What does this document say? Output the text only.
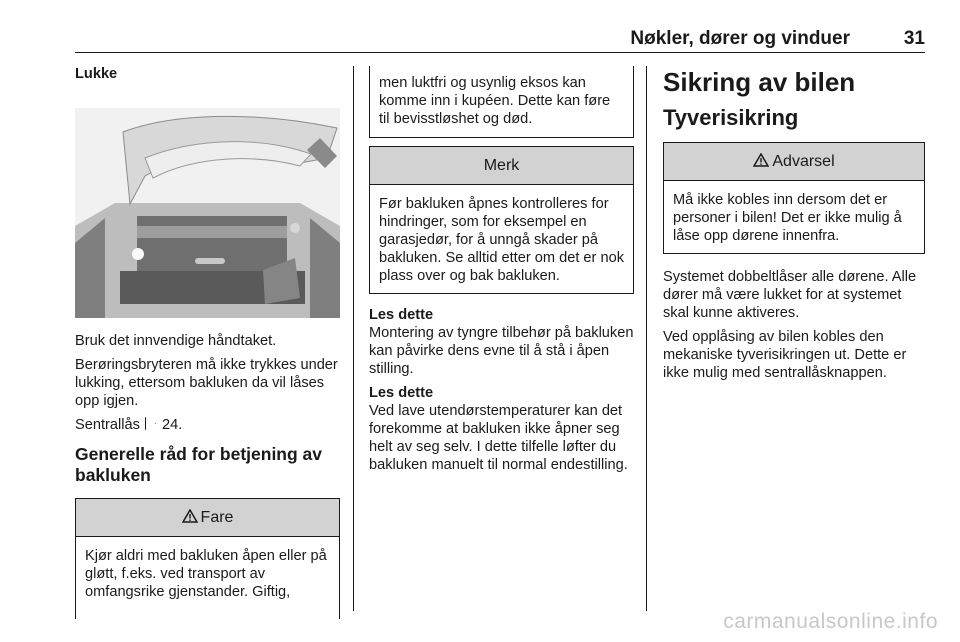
Nøkler, dører og vinduer	31

Lukke

Bruk det innvendige håndtaket.

Berøringsbryteren må ikke trykkes under lukking, ettersom bakluken da vil låses opp igjen.

Sentrallås 24.

Generelle råd for betjening av bakluken

Fare
Kjør aldri med bakluken åpen eller på gløtt, f.eks. ved transport av omfangsrike gjenstander. Giftig,
men luktfri og usynlig eksos kan komme inn i kupéen. Dette kan føre til bevisstløshet og død.
Merk
Før bakluken åpnes kontrolleres for hindringer, som for eksempel en garasjedør, for å unngå skader på bakluken. Se alltid etter om det er nok plass over og bak bakluken.

Les dette

Montering av tyngre tilbehør på bakluken kan påvirke dens evne til å stå i åpen stilling.

Les dette

Ved lave utendørstemperaturer kan det forekomme at bakluken ikke åpner seg helt av seg selv. I dette tilfelle løfter du bakluken manuelt til normal endestilling.

Sikring av bilen

Tyverisikring

Advarsel
Må ikke kobles inn dersom det er personer i bilen! Det er ikke mulig å låse opp dørene innenfra.

Systemet dobbeltlåser alle dørene. Alle dører må være lukket for at systemet skal kunne aktiveres.

Ved opplåsing av bilen kobles den mekaniske tyverisikringen ut. Dette er ikke mulig med sentrallåsknappen.

carmanualsonline.info
